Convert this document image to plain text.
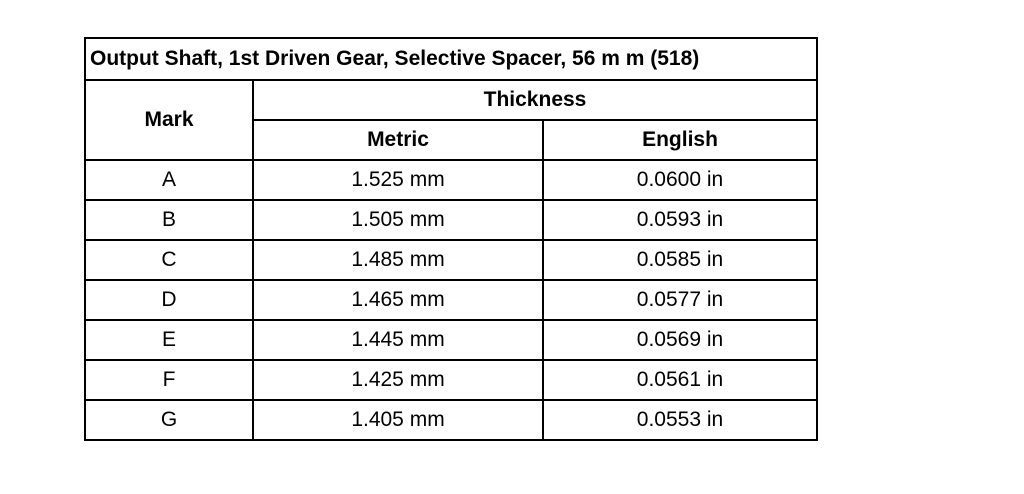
Output Shaft, 1st Driven Gear, Selective Spacer, 56 m m (518)		
Mark	Thickness	
	Metric	English
A	1.525 mm	0.0600 in
B	1.505 mm	0.0593 in
C	1.485 mm	0.0585 in
D	1.465 mm	0.0577 in
E	1.445 mm	0.0569 in
F	1.425 mm	0.0561 in
G	1.405 mm	0.0553 in
